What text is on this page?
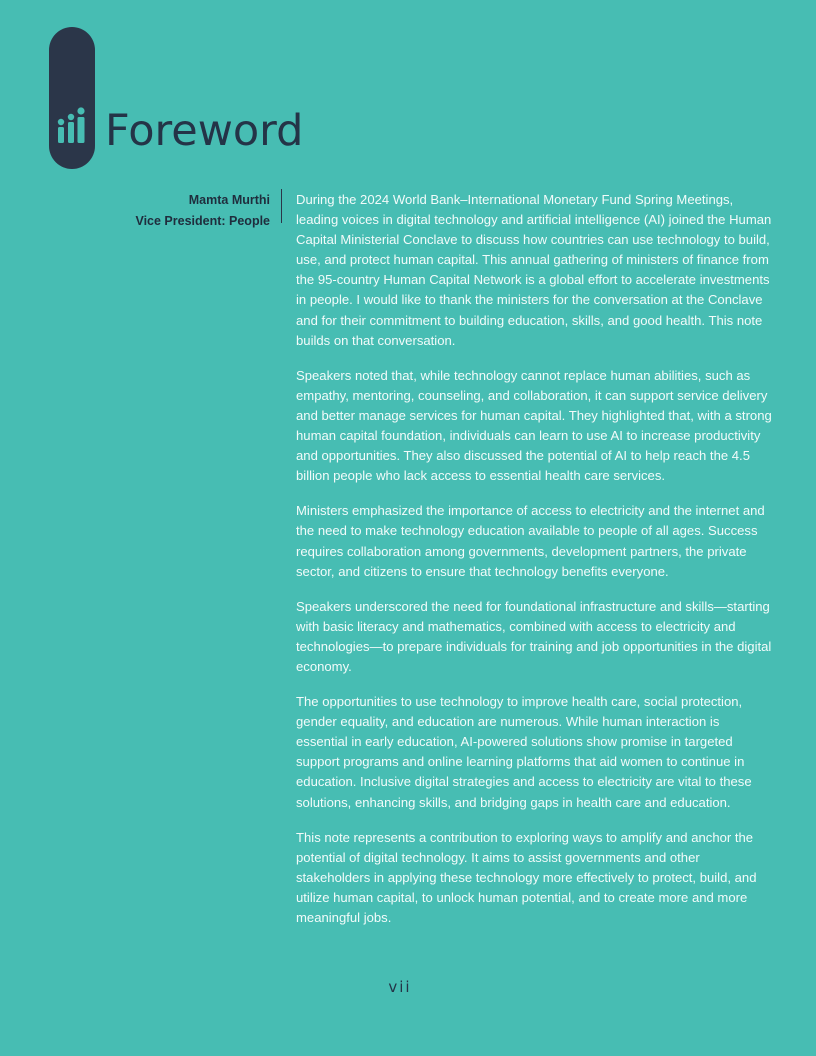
Foreword
Mamta Murthi
Vice President: People

During the 2024 World Bank–International Monetary Fund Spring Meetings, leading voices in digital technology and artificial intelligence (AI) joined the Human Capital Ministerial Conclave to discuss how countries can use technology to build, use, and protect human capital. This annual gathering of ministers of finance from the 95-country Human Capital Network is a global effort to accelerate investments in people. I would like to thank the ministers for the conversation at the Conclave and for their commitment to building education, skills, and good health. This note builds on that conversation.

Speakers noted that, while technology cannot replace human abilities, such as empathy, mentoring, counseling, and collaboration, it can support service delivery and better manage services for human capital. They highlighted that, with a strong human capital foundation, individuals can learn to use AI to increase productivity and opportunities. They also discussed the potential of AI to help reach the 4.5 billion people who lack access to essential health care services.

Ministers emphasized the importance of access to electricity and the internet and the need to make technology education available to people of all ages. Success requires collaboration among governments, development partners, the private sector, and citizens to ensure that technology benefits everyone.

Speakers underscored the need for foundational infrastructure and skills—starting with basic literacy and mathematics, combined with access to electricity and technologies—to prepare individuals for training and job opportunities in the digital economy.

The opportunities to use technology to improve health care, social protection, gender equality, and education are numerous. While human interaction is essential in early education, AI-powered solutions show promise in targeted support programs and online learning platforms that aid women to continue in education. Inclusive digital strategies and access to electricity are vital to these solutions, enhancing skills, and bridging gaps in health care and education.

This note represents a contribution to exploring ways to amplify and anchor the potential of digital technology. It aims to assist governments and other stakeholders in applying these technology more effectively to protect, build, and utilize human capital, to unlock human potential, and to create more and more meaningful jobs.

vii
